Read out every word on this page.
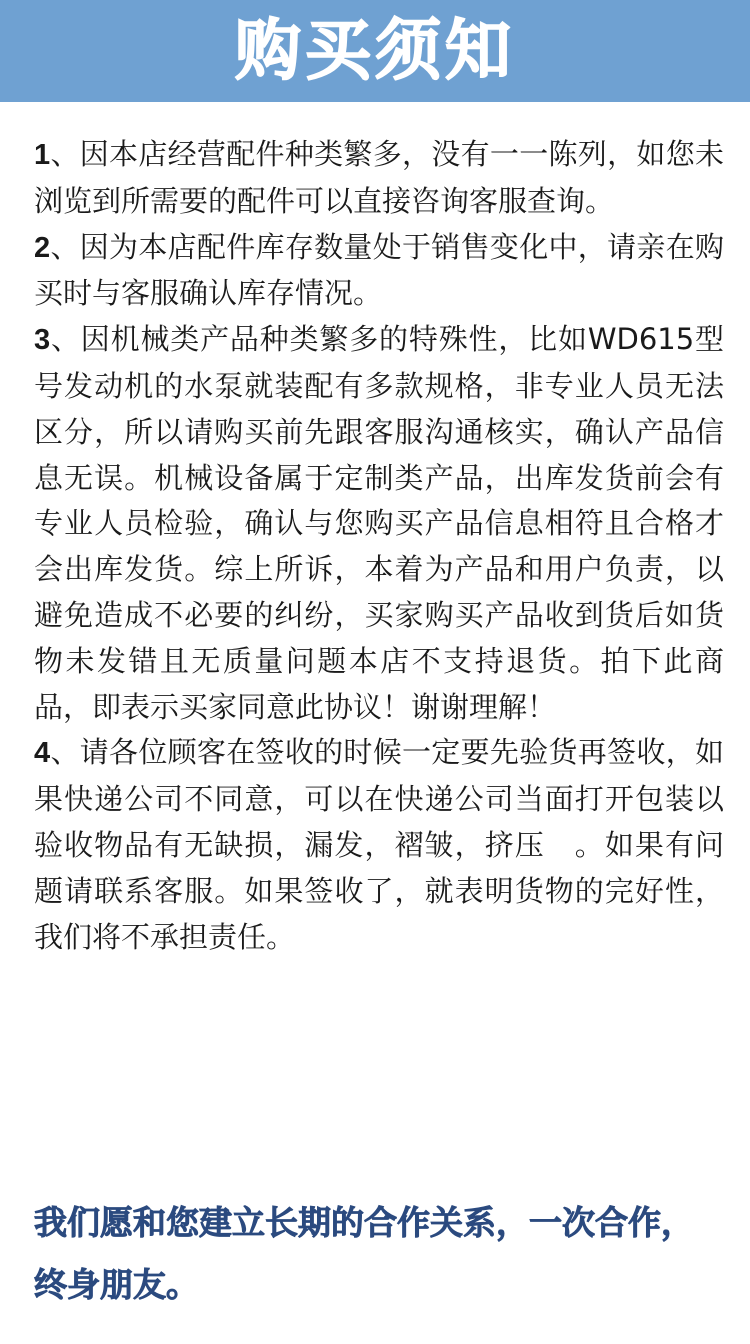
购买须知

1、因本店经营配件种类繁多，没有一一陈列，如您未浏览到所需要的配件可以直接咨询客服查询。

2、因为本店配件库存数量处于销售变化中，请亲在购买时与客服确认库存情况。

3、因机械类产品种类繁多的特殊性，比如WD615型号发动机的水泵就装配有多款规格，非专业人员无法区分，所以请购买前先跟客服沟通核实，确认产品信息无误。机械设备属于定制类产品，出库发货前会有专业人员检验，确认与您购买产品信息相符且合格才会出库发货。综上所诉，本着为产品和用户负责，以避免造成不必要的纠纷，买家购买产品收到货后如货物未发错且无质量问题本店不支持退货。拍下此商品，即表示买家同意此协议！谢谢理解！

4、请各位顾客在签收的时候一定要先验货再签收，如果快递公司不同意，可以在快递公司当面打开包装以验收物品有无缺损，漏发，褶皱，挤压　。如果有问题请联系客服。如果签收了，就表明货物的完好性，我们将不承担责任。

我们愿和您建立长期的合作关系，一次合作，终身朋友。
